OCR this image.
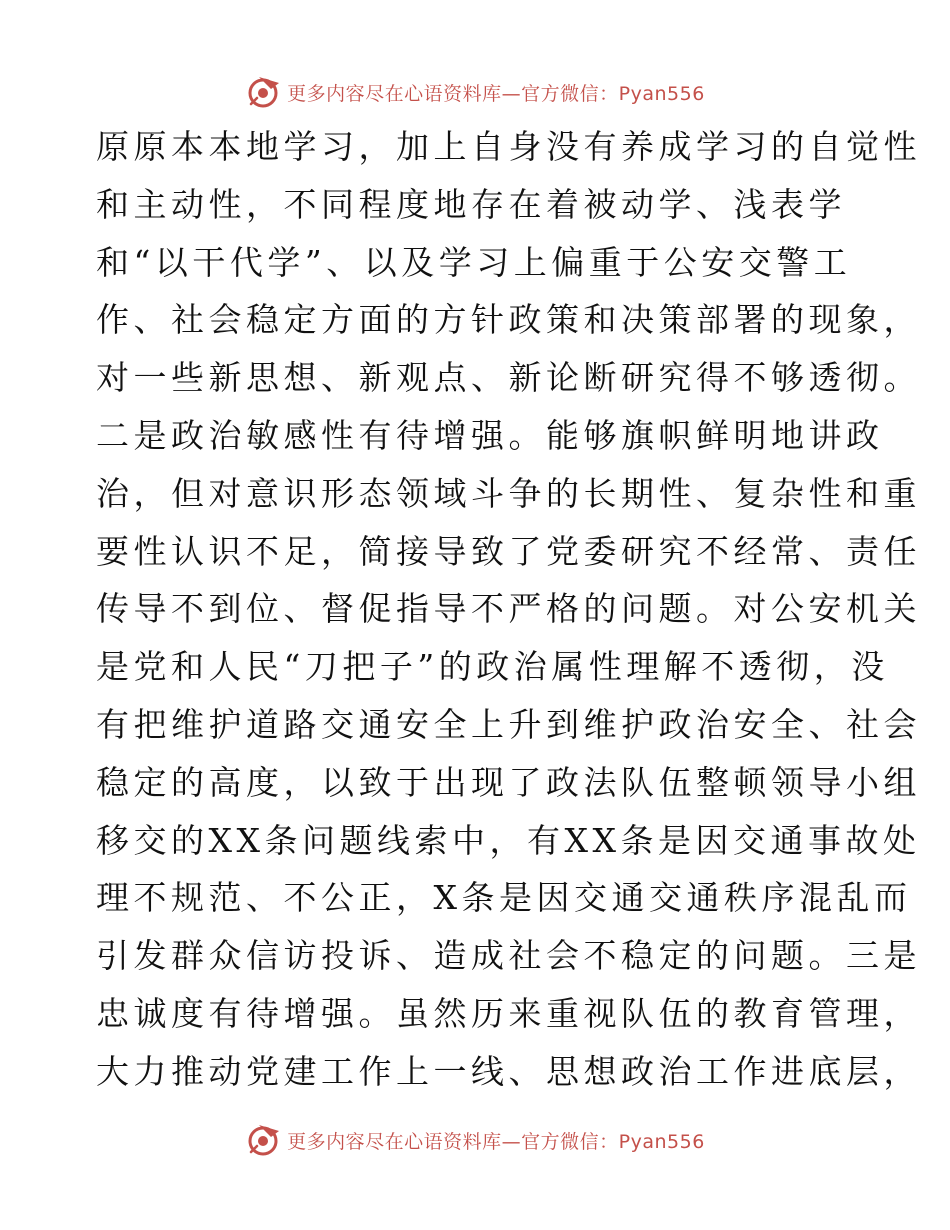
更多内容尽在心语资料库—官方微信：Pyan556
原原本本地学习，加上自身没有养成学习的自觉性
和主动性，不同程度地存在着被动学、浅表学
和“以干代学”、以及学习上偏重于公安交警工
作、社会稳定方面的方针政策和决策部署的现象，
对一些新思想、新观点、新论断研究得不够透彻。
二是政治敏感性有待增强。能够旗帜鲜明地讲政
治，但对意识形态领域斗争的长期性、复杂性和重
要性认识不足，简接导致了党委研究不经常、责任
传导不到位、督促指导不严格的问题。对公安机关
是党和人民“刀把子”的政治属性理解不透彻，没
有把维护道路交通安全上升到维护政治安全、社会
稳定的高度，以致于出现了政法队伍整顿领导小组
移交的XX条问题线索中，有XX条是因交通事故处
理不规范、不公正，X条是因交通交通秩序混乱而
引发群众信访投诉、造成社会不稳定的问题。三是
忠诚度有待增强。虽然历来重视队伍的教育管理，
大力推动党建工作上一线、思想政治工作进底层，
更多内容尽在心语资料库—官方微信：Pyan556
